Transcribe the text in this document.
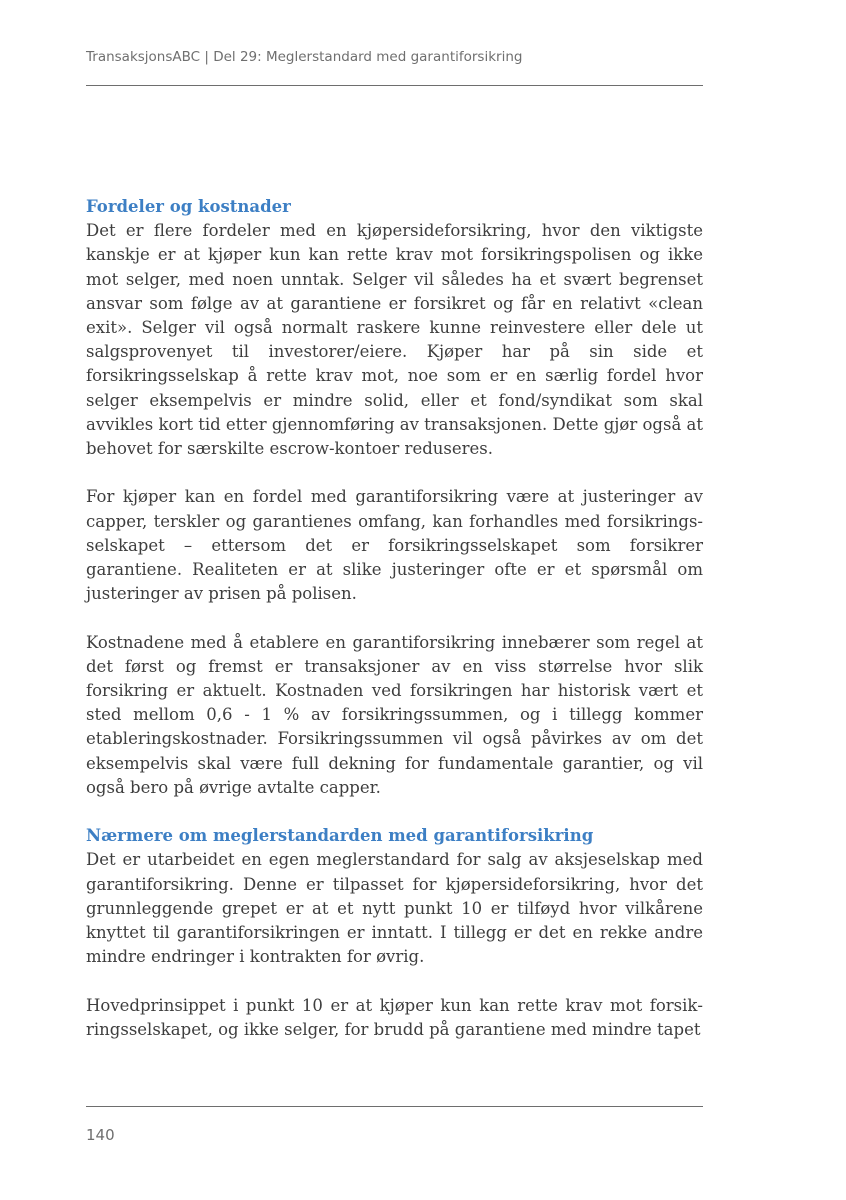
TransaksjonsABC | Del 29: Meglerstandard med garantiforsikring
Fordeler og kostnader

Det er flere fordeler med en kjøpersideforsikring, hvor den viktigste kanskje er at kjøper kun kan rette krav mot forsikringspolisen og ikke mot selger, med noen unntak. Selger vil således ha et svært begrenset ansvar som følge av at garantiene er forsikret og får en relativt «clean exit». Selger vil også normalt raskere kunne reinvestere eller dele ut salgsprovenyet til investorer/eiere. Kjøper har på sin side et forsikringsselskap å rette krav mot, noe som er en særlig fordel hvor selger eksempelvis er mindre solid, eller et fond/syndikat som skal avvikles kort tid etter gjennomføring av transaksjonen. Dette gjør også at behovet for særskilte escrow-kontoer reduseres.

For kjøper kan en fordel med garantiforsikring være at justeringer av capper, terskler og garantienes omfang, kan forhandles med forsikringsselskapet – ettersom det er forsikringsselskapet som forsikrer garantiene. Realiteten er at slike justeringer ofte er et spørsmål om justeringer av prisen på polisen.

Kostnadene med å etablere en garantiforsikring innebærer som regel at det først og fremst er transaksjoner av en viss størrelse hvor slik forsikring er aktuelt. Kostnaden ved forsikringen har historisk vært et sted mellom 0,6 - 1 % av forsikringssummen, og i tillegg kommer etableringskostnader. Forsikringssummen vil også påvirkes av om det eksempelvis skal være full dekning for fundamentale garantier, og vil også bero på øvrige avtalte capper.

Nærmere om meglerstandarden med garantiforsikring

Det er utarbeidet en egen meglerstandard for salg av aksjeselskap med garantiforsikring. Denne er tilpasset for kjøpersideforsikring, hvor det grunnleggende grepet er at et nytt punkt 10 er tilføyd hvor vilkårene knyttet til garantiforsikringen er inntatt. I tillegg er det en rekke andre mindre endringer i kontrakten for øvrig.

Hovedprinsippet i punkt 10 er at kjøper kun kan rette krav mot forsikringsselskapet, og ikke selger, for brudd på garantiene med mindre tapet

140
